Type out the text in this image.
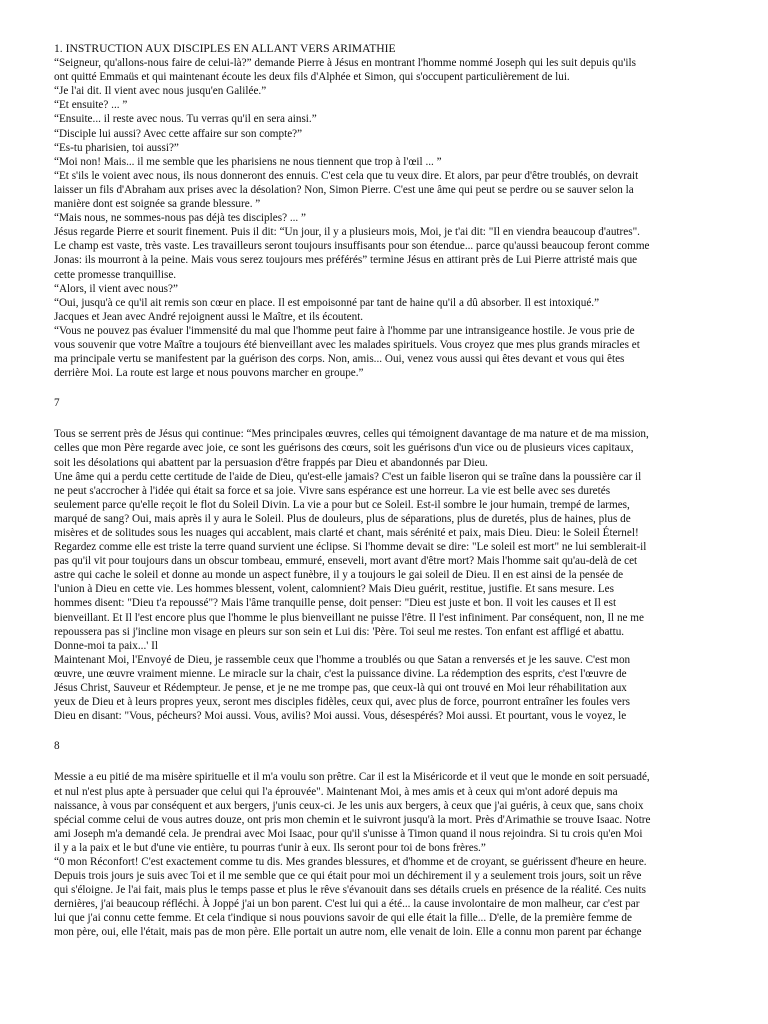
1. INSTRUCTION AUX DISCIPLES EN ALLANT VERS ARIMATHIE

“Seigneur, qu'allons-nous faire de celui-là?” demande Pierre à Jésus en montrant l'homme nommé Joseph qui les suit depuis qu'ils

ont quitté Emmaüs et qui maintenant écoute les deux fils d'Alphée et Simon, qui s'occupent particulièrement de lui.

“Je l'ai dit. Il vient avec nous jusqu'en Galilée.”

“Et ensuite? ... ”

“Ensuite... il reste avec nous. Tu verras qu'il en sera ainsi.”

“Disciple lui aussi? Avec cette affaire sur son compte?”

“Es-tu pharisien, toi aussi?”

“Moi non! Mais... il me semble que les pharisiens ne nous tiennent que trop à l'œil ... ”

“Et s'ils le voient avec nous, ils nous donneront des ennuis. C'est cela que tu veux dire. Et alors, par peur d'être troublés, on devrait

laisser un fils d'Abraham aux prises avec la désolation? Non, Simon Pierre. C'est une âme qui peut se perdre ou se sauver selon la

manière dont est soignée sa grande blessure. ”

“Mais nous, ne sommes-nous pas déjà tes disciples? ... ”

Jésus regarde Pierre et sourit finement. Puis il dit: “Un jour, il y a plusieurs mois, Moi, je t'ai dit: "Il en viendra beaucoup d'autres".

Le champ est vaste, très vaste. Les travailleurs seront toujours insuffisants pour son étendue... parce qu'aussi beaucoup feront comme

Jonas: ils mourront à la peine. Mais vous serez toujours mes préférés” termine Jésus en attirant près de Lui Pierre attristé mais que

cette promesse tranquillise.

“Alors, il vient avec nous?”

“Oui, jusqu'à ce qu'il ait remis son cœur en place. Il est empoisonné par tant de haine qu'il a dû absorber. Il est intoxiqué.”

Jacques et Jean avec André rejoignent aussi le Maître, et ils écoutent.

“Vous ne pouvez pas évaluer l'immensité du mal que l'homme peut faire à l'homme par une intransigeance hostile. Je vous prie de

vous souvenir que votre Maître a toujours été bienveillant avec les malades spirituels. Vous croyez que mes plus grands miracles et

ma principale vertu se manifestent par la guérison des corps. Non, amis... Oui, venez vous aussi qui êtes devant et vous qui êtes

derrière Moi. La route est large et nous pouvons marcher en groupe.”

7

Tous se serrent près de Jésus qui continue: “Mes principales œuvres, celles qui témoignent davantage de ma nature et de ma mission,

celles que mon Père regarde avec joie, ce sont les guérisons des cœurs, soit les guérisons d'un vice ou de plusieurs vices capitaux,

soit les désolations qui abattent par la persuasion d'être frappés par Dieu et abandonnés par Dieu.

Une âme qui a perdu cette certitude de l'aide de Dieu, qu'est-elle jamais? C'est un faible liseron qui se traîne dans la poussière car il

ne peut s'accrocher à l'idée qui était sa force et sa joie. Vivre sans espérance est une horreur. La vie est belle avec ses duretés

seulement parce qu'elle reçoit le flot du Soleil Divin. La vie a pour but ce Soleil. Est-il sombre le jour humain, trempé de larmes,

marqué de sang? Oui, mais après il y aura le Soleil. Plus de douleurs, plus de séparations, plus de duretés, plus de haines, plus de

misères et de solitudes sous les nuages qui accablent, mais clarté et chant, mais sérénité et paix, mais Dieu. Dieu: le Soleil Éternel!

Regardez comme elle est triste la terre quand survient une éclipse. Si l'homme devait se dire: "Le soleil est mort" ne lui semblerait-il

pas qu'il vit pour toujours dans un obscur tombeau, emmuré, enseveli, mort avant d'être mort? Mais l'homme sait qu'au-delà de cet

astre qui cache le soleil et donne au monde un aspect funèbre, il y a toujours le gai soleil de Dieu. Il en est ainsi de la pensée de

l'union à Dieu en cette vie. Les hommes blessent, volent, calomnient? Mais Dieu guérit, restitue, justifie. Et sans mesure. Les

hommes disent: "Dieu t'a repoussé"? Mais l'âme tranquille pense, doit penser: "Dieu est juste et bon. Il voit les causes et Il est

bienveillant. Et Il l'est encore plus que l'homme le plus bienveillant ne puisse l'être. Il l'est infiniment. Par conséquent, non, Il ne me

repoussera pas si j'incline mon visage en pleurs sur son sein et Lui dis: 'Père. Toi seul me restes. Ton enfant est affligé et abattu.

Donne-moi ta paix...' Il

Maintenant Moi, l'Envoyé de Dieu, je rassemble ceux que l'homme a troublés ou que Satan a renversés et je les sauve. C'est mon

œuvre, une œuvre vraiment mienne. Le miracle sur la chair, c'est la puissance divine. La rédemption des esprits, c'est l'œuvre de

Jésus Christ, Sauveur et Rédempteur. Je pense, et je ne me trompe pas, que ceux-là qui ont trouvé en Moi leur réhabilitation aux

yeux de Dieu et à leurs propres yeux, seront mes disciples fidèles, ceux qui, avec plus de force, pourront entraîner les foules vers

Dieu en disant: "Vous, pécheurs? Moi aussi. Vous, avilis? Moi aussi. Vous, désespérés? Moi aussi. Et pourtant, vous le voyez, le

8

Messie a eu pitié de ma misère spirituelle et il m'a voulu son prêtre. Car il est la Miséricorde et il veut que le monde en soit persuadé,

et nul n'est plus apte à persuader que celui qui l'a éprouvée". Maintenant Moi, à mes amis et à ceux qui m'ont adoré depuis ma

naissance, à vous par conséquent et aux bergers, j'unis ceux-ci. Je les unis aux bergers, à ceux que j'ai guéris, à ceux que, sans choix

spécial comme celui de vous autres douze, ont pris mon chemin et le suivront jusqu'à la mort. Près d'Arimathie se trouve Isaac. Notre

ami Joseph m'a demandé cela. Je prendrai avec Moi Isaac, pour qu'il s'unisse à Timon quand il nous rejoindra. Si tu crois qu'en Moi

il y a la paix et le but d'une vie entière, tu pourras t'unir à eux. Ils seront pour toi de bons frères.”

“0 mon Réconfort! C'est exactement comme tu dis. Mes grandes blessures, et d'homme et de croyant, se guérissent d'heure en heure.

Depuis trois jours je suis avec Toi et il me semble que ce qui était pour moi un déchirement il y a seulement trois jours, soit un rêve

qui s'éloigne. Je l'ai fait, mais plus le temps passe et plus le rêve s'évanouit dans ses détails cruels en présence de la réalité. Ces nuits

dernières, j'ai beaucoup réfléchi. À Joppé j'ai un bon parent. C'est lui qui a été... la cause involontaire de mon malheur, car c'est par

lui que j'ai connu cette femme. Et cela t'indique si nous pouvions savoir de qui elle était la fille... D'elle, de la première femme de

mon père, oui, elle l'était, mais pas de mon père. Elle portait un autre nom, elle venait de loin. Elle a connu mon parent par échange
